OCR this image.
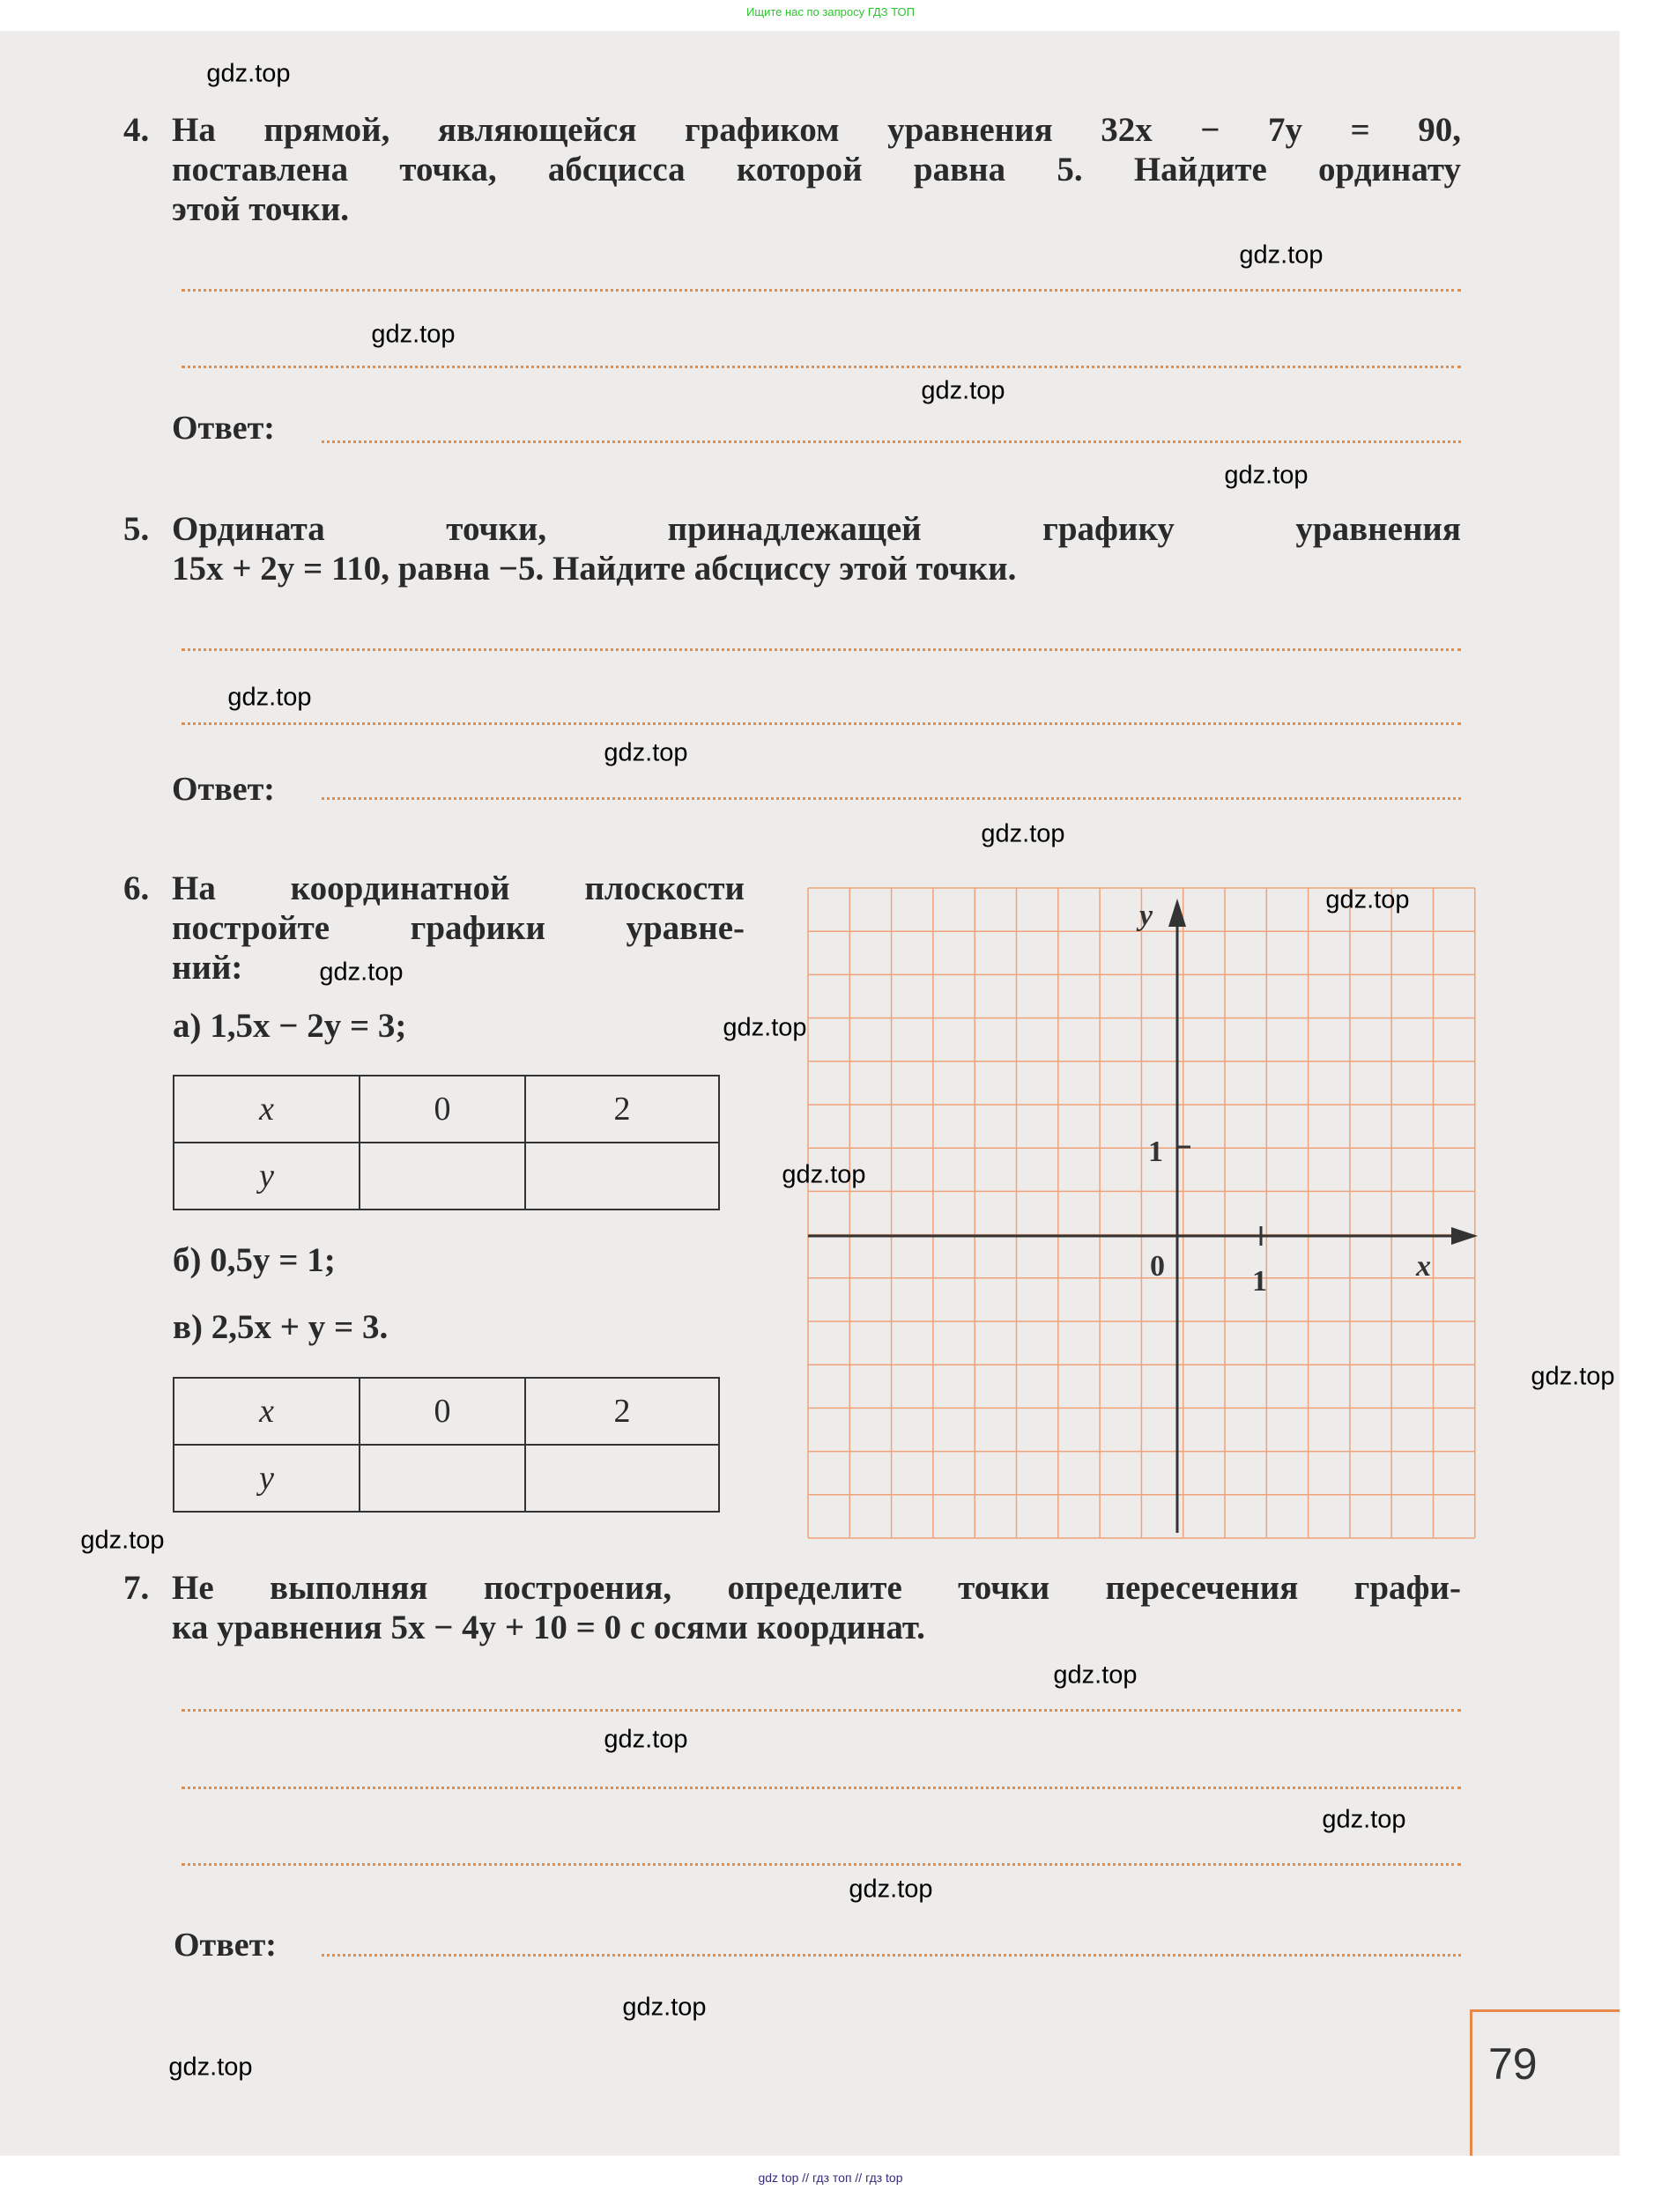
Ищите нас по запросу ГДЗ ТОП
4. На прямой, являющейся графиком уравнения 32x − 7y = 90,
поставлена точка, абсцисса которой равна 5. Найдите ординату
этой точки.
Ответ:
5. Ордината точки, принадлежащей графику уравнения
15x + 2y = 110, равна −5. Найдите абсциссу этой точки.
Ответ:
6. На координатной плоскости
постройте графики уравне-
ний:
а) 1,5x − 2y = 3;
x	0	2
y		
б) 0,5y = 1;
в) 2,5x + y = 3.
x	0	2
y		
x
y
0	1
1
7. Не выполняя построения, определите точки пересечения графи-
ка уравнения 5x − 4y + 10 = 0 с осями координат.
Ответ:
79
gdz.top
gdz.top
gdz.top
gdz.top
gdz.top
gdz.top
gdz.top
gdz.top
gdz.top
gdz.top
gdz.top
gdz.top
gdz.top
gdz.top
gdz.top
gdz.top
gdz.top
gdz.top
gdz.top
gdz.top
gdz top // гдз топ // гдз top
